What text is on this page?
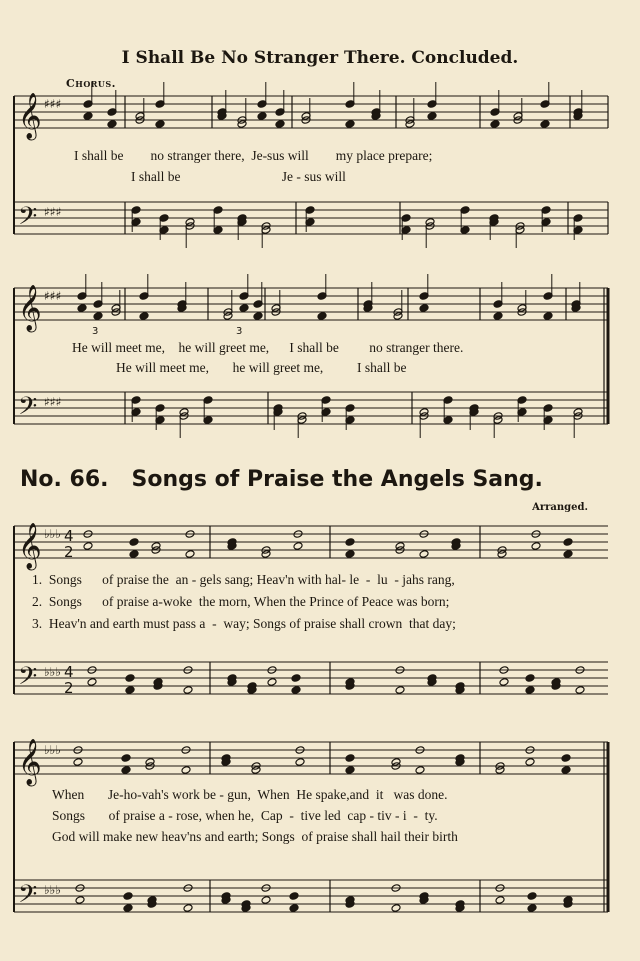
I Shall Be No Stranger There. Concluded.
Chorus.
𝄞
𝄢
♯♯♯
♯♯♯
𝄞
𝄢
♯♯♯
♯♯♯
3	3
𝄞
𝄢
♭♭♭
♭♭♭
4
2
4
2
𝄞
𝄢
♭♭♭
♭♭♭
I shall be        no stranger there,  Je-sus will        my place prepare;
I shall be                              Je - sus will
He will meet me,    he will greet me,      I shall be         no stranger there.
He will meet me,       he will greet me,          I shall be
No. 66. Songs of Praise the Angels Sang.
Arranged.
1.  Songs      of praise the  an - gels sang; Heav'n with hal- le  -  lu  - jahs rang,
2.  Songs      of praise a-woke  the morn, When the Prince of Peace was born;
3.  Heav'n and earth must pass a  -  way; Songs of praise shall crown  that day;
When       Je-ho-vah's work be - gun,  When  He spake,and  it   was done.
Songs       of praise a - rose, when he,  Cap  -  tive led  cap - tiv - i  -  ty.
God will make new heav'ns and earth; Songs  of praise shall hail their birth
